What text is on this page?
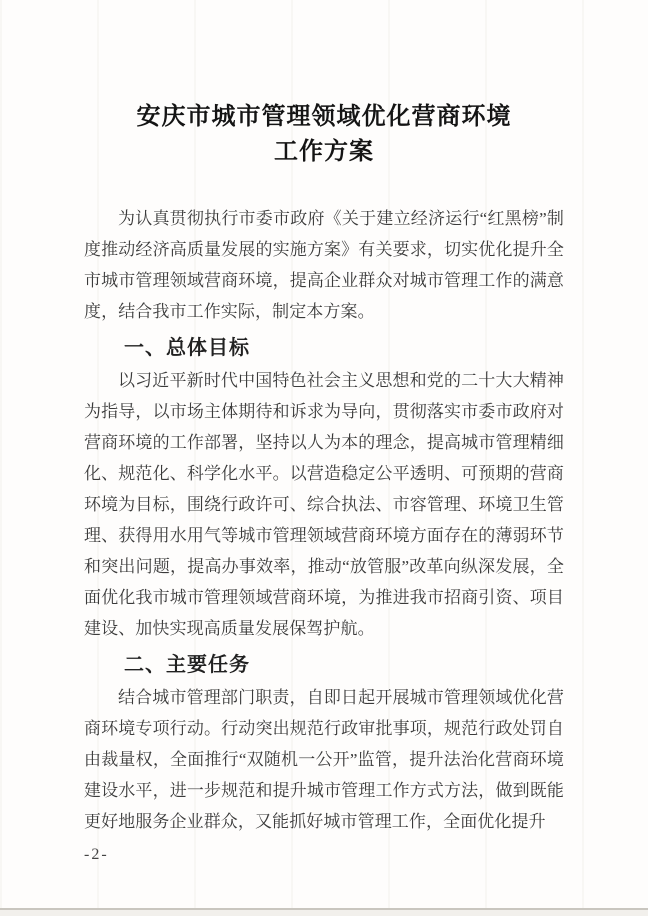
安庆市城市管理领域优化营商环境
工作方案

为认真贯彻执行市委市政府《关于建立经济运行“红黑榜”制度推动经济高质量发展的实施方案》有关要求，切实优化提升全市城市管理领域营商环境，提高企业群众对城市管理工作的满意度，结合我市工作实际，制定本方案。

一、总体目标

以习近平新时代中国特色社会主义思想和党的二十大大精神为指导，以市场主体期待和诉求为导向，贯彻落实市委市政府对营商环境的工作部署，坚持以人为本的理念，提高城市管理精细化、规范化、科学化水平。以营造稳定公平透明、可预期的营商环境为目标，围绕行政许可、综合执法、市容管理、环境卫生管理、获得用水用气等城市管理领域营商环境方面存在的薄弱环节和突出问题，提高办事效率，推动“放管服”改革向纵深发展，全面优化我市城市管理领域营商环境，为推进我市招商引资、项目建设、加快实现高质量发展保驾护航。

二、主要任务

结合城市管理部门职责，自即日起开展城市管理领域优化营商环境专项行动。行动突出规范行政审批事项，规范行政处罚自由裁量权，全面推行“双随机一公开”监管，提升法治化营商环境建设水平，进一步规范和提升城市管理工作方式方法，做到既能更好地服务企业群众，又能抓好城市管理工作，全面优化提升

-2-
